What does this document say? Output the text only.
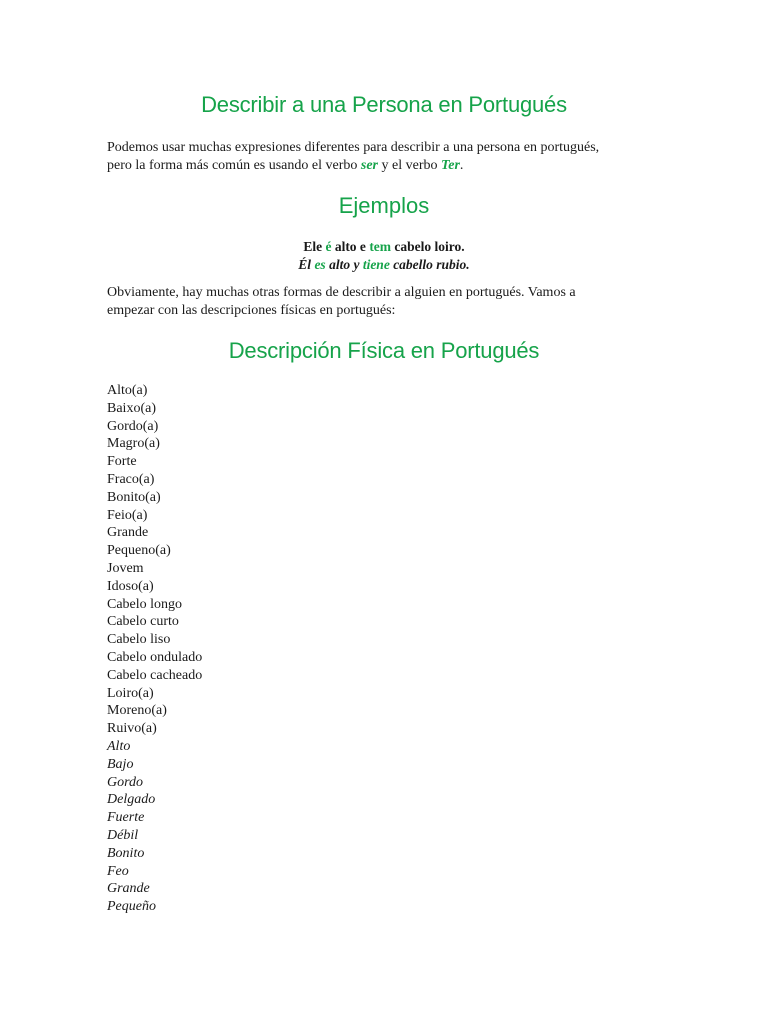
Describir a una Persona en Portugués

Podemos usar muchas expresiones diferentes para describir a una persona en portugués,
pero la forma más común es usando el verbo ser y el verbo Ter.

Ejemplos
Ele é alto e tem cabelo loiro.
Él es alto y tiene cabello rubio.

Obviamente, hay muchas otras formas de describir a alguien en portugués. Vamos a
empezar con las descripciones físicas en portugués:

Descripción Física en Portugués
Alto(a)
Baixo(a)
Gordo(a)
Magro(a)
Forte
Fraco(a)
Bonito(a)
Feio(a)
Grande
Pequeno(a)
Jovem
Idoso(a)
Cabelo longo
Cabelo curto
Cabelo liso
Cabelo ondulado
Cabelo cacheado
Loiro(a)
Moreno(a)
Ruivo(a)
Alto
Bajo
Gordo
Delgado
Fuerte
Débil
Bonito
Feo
Grande
Pequeño
